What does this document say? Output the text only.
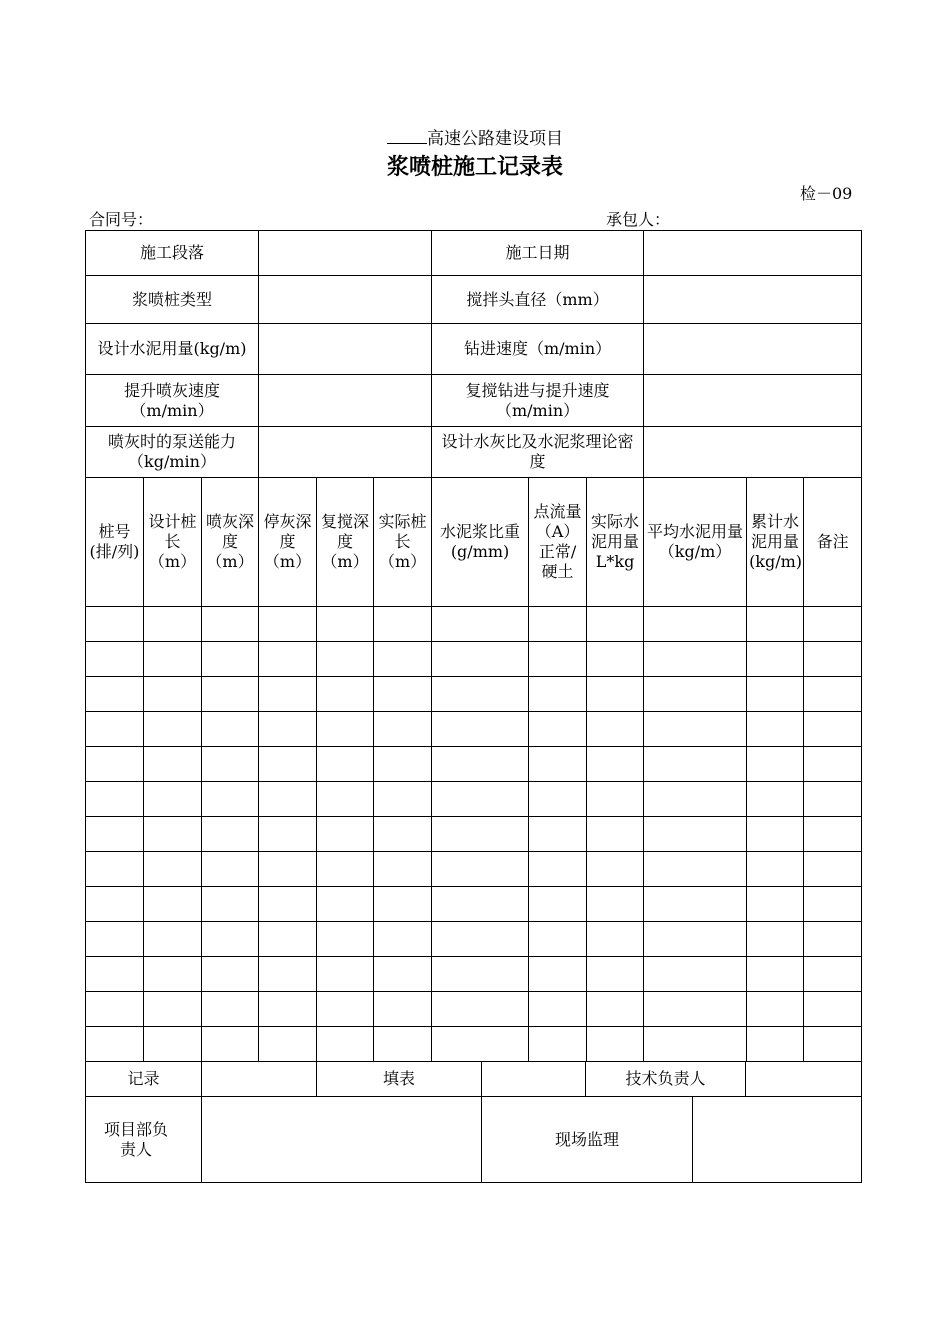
高速公路建设项目
浆喷桩施工记录表
检－09
合同号：	承包人：
施工段落						施工日期					
浆喷桩类型						搅拌头直径（mm）					
设计水泥用量(kg/m)						钻进速度（m/min）					
提升喷灰速度（m/min）						复搅钻进与提升速度（m/min）					
喷灰时的泵送能力（kg/min）						设计水灰比及水泥浆理论密度					
桩号(排/列)	设计桩长（m）	喷灰深度（m）	停灰深度（m）	复搅深度（m）	实际桩长（m）	水泥浆比重(g/mm)	点流量（A）正常/硬土	实际水泥用量L*kg	平均水泥用量（kg/m）	累计水泥用量(kg/m)	备注

记录		填表		技术负责人	
项目部负责人		现场监理	
